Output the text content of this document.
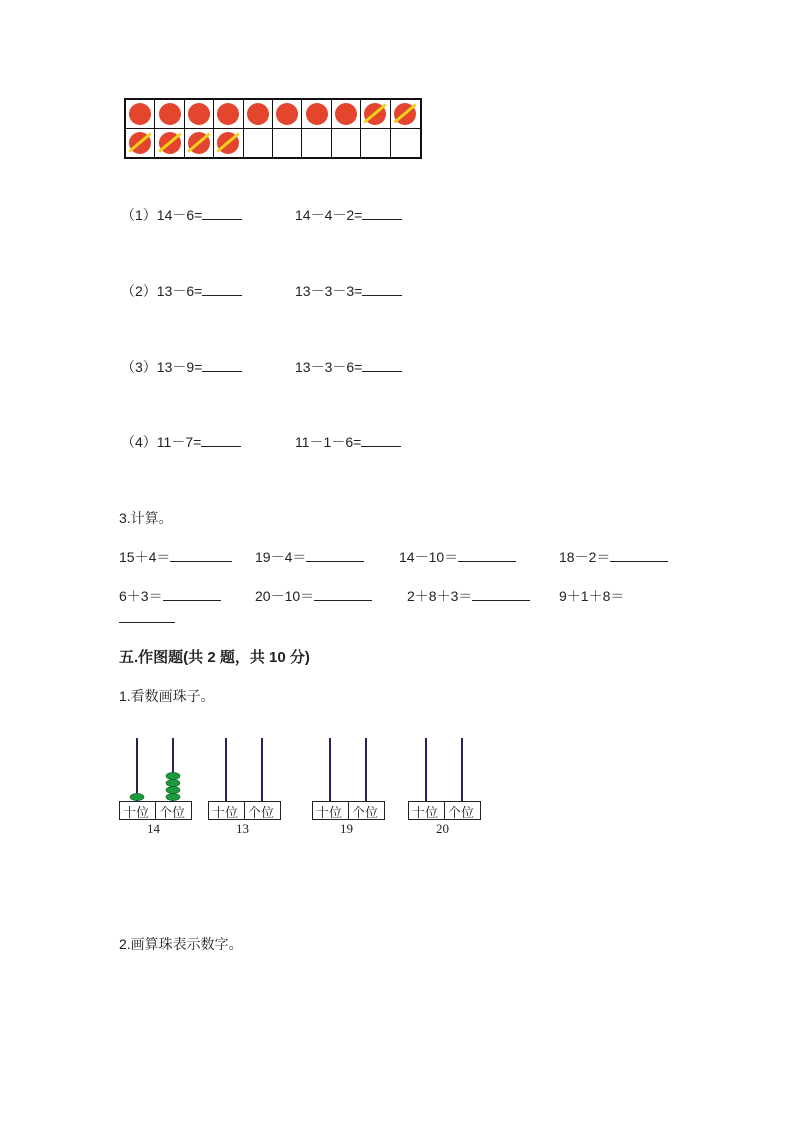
（1）14－6=	14－4－2=
（2）13－6=	13－3－3=
（3）13－9=	13－3－6=
（4）11－7=	11－1－6=
3.计算。
15＋4＝	19－4＝	14－10＝	18－2＝
6＋3＝	20－10＝	2＋8＋3＝	9＋1＋8＝
五.作图题(共 2 题，共 10 分)
1.看数画珠子。
十位 个位
14
十位 个位
13
十位 个位
19
十位 个位
20
2.画算珠表示数字。
